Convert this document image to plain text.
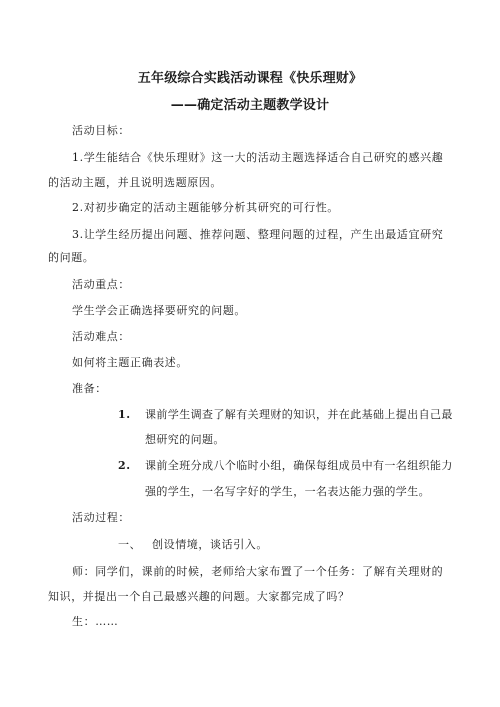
五年级综合实践活动课程《快乐理财》
——确定活动主题教学设计
活动目标：
1.学生能结合《快乐理财》这一大的活动主题选择适合自己研究的感兴趣
的活动主题，并且说明选题原因。
2.对初步确定的活动主题能够分析其研究的可行性。
3.让学生经历提出问题、推荐问题、整理问题的过程，产生出最适宜研究
的问题。
活动重点：
学生学会正确选择要研究的问题。
活动难点：
如何将主题正确表述。
准备：
1. 课前学生调查了解有关理财的知识，并在此基础上提出自己最
想研究的问题。
2. 课前全班分成八个临时小组，确保每组成员中有一名组织能力
强的学生，一名写字好的学生，一名表达能力强的学生。
活动过程：
一、 创设情境，谈话引入。
师：同学们，课前的时候，老师给大家布置了一个任务：了解有关理财的
知识，并提出一个自己最感兴趣的问题。大家都完成了吗？
生：……
